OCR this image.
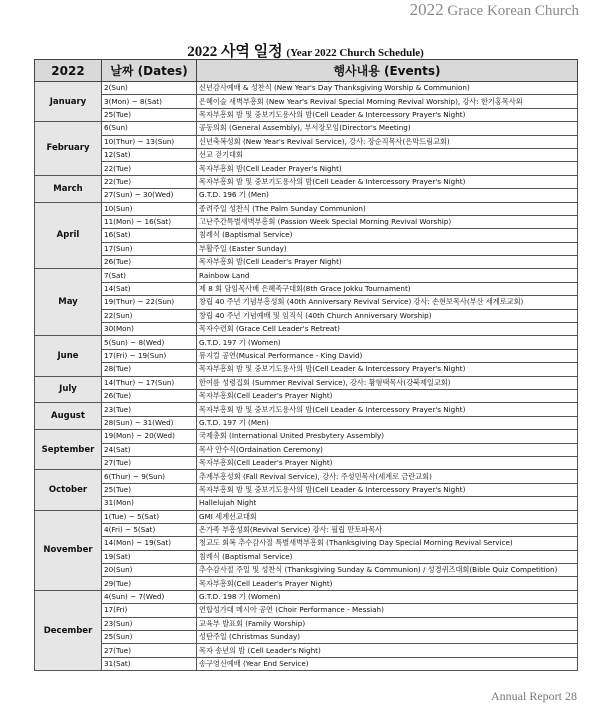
2022 Grace Korean Church
2022 사역 일정 (Year 2022 Church Schedule)
2022	날짜 (Dates)	행사내용 (Events)
January	2(Sun)	신년감사예배 & 성찬식 (New Year's Day Thanksgiving Worship & Communion)
	3(Mon) ~ 8(Sat)	은혜이슬 새벽부흥회 (New Year's Revival Special Morning Revival Worship), 강사: 한기홍목사외
	25(Tue)	목자부흥회 밤 및 중보기도용사의 밤(Cell Leader & Intercessory Prayer's Night)
February	6(Sun)	공동의회 (General Assembly), 부서장모임(Director's Meeting)
	10(Thur) ~ 13(Sun)	신년축복성회 (New Year's Revival Service), 강사: 장순직목사(은막드림교회)
	12(Sat)	선교 걷기대회
	22(Tue)	목자부흥회 밤(Cell Leader Prayer's Night)
March	22(Tue)	목자부흥회 밤 및 중보기도용사의 밤(Cell Leader & Intercessory Prayer's Night)
	27(Sun) ~ 30(Wed)	G.T.D. 196 기 (Men)
April	10(Sun)	종려주일 성찬식 (The Palm Sunday Communion)
	11(Mon) ~ 16(Sat)	고난주간특별새벽부흥회 (Passion Week Special Morning Revival Worship)
	16(Sat)	침례식 (Baptismal Service)
	17(Sun)	부활주일 (Easter Sunday)
	26(Tue)	목자부흥회 밤(Cell Leader's Prayer Night)
May	7(Sat)	Rainbow Land
	14(Sat)	제 8 회 담임목사배 은혜족구대회(8th Grace Jokku Tournament)
	19(Thur) ~ 22(Sun)	창립 40 주년 기념부흥성회 (40th Anniversary Revival Service) 강사: 손현보목사(부산 세계로교회)
	22(Sun)	창립 40 주년 기념예배 및 임직식 (40th Church Anniversary Worship)
	30(Mon)	목자수련회 (Grace Cell Leader's Retreat)
June	5(Sun) ~ 8(Wed)	G.T.D. 197 기 (Women)
	17(Fri) ~ 19(Sun)	뮤지컬 공연(Musical Performance - King David)
	28(Tue)	목자부흥회 밤 및 중보기도용사의 밤(Cell Leader & Intercessory Prayer's Night)
July	14(Thur) ~ 17(Sun)	한여름 성령집회 (Summer Revival Service), 강사: 황형택목사(강북제일교회)
	26(Tue)	목자부흥회(Cell Leader's Prayer Night)
August	23(Tue)	목자부흥회 밤 및 중보기도용사의 밤(Cell Leader & Intercessory Prayer's Night)
	28(Sun) ~ 31(Wed)	G.T.D. 197 기 (Men)
September	19(Mon) ~ 20(Wed)	국제총회 (International United Presbytery Assembly)
	24(Sat)	목사 안수식(Ordaination Ceremony)
	27(Tue)	목자부흥회(Cell Leader's Prayer Night)
October	6(Thur) ~ 9(Sun)	추계부흥성회 (Fall Revival Service), 강사: 주성민목사(세계로 금란교회)
	25(Tue)	목자부흥회 밤 및 중보기도용사의 밤(Cell Leader & Intercessory Prayer's Night)
	31(Mon)	Hallelujah Night
November	1(Tue) ~ 5(Sat)	GMI 세계선교대회
	4(Fri) ~ 5(Sat)	온가족 부흥성회(Revival Service) 강사: 필립 만토파목사
	14(Mon) ~ 19(Sat)	청교도 회복 추수감사절 특별새벽부흥회 (Thanksgiving Day Special Morning Revival Service)
	19(Sat)	침례식 (Baptismal Service)
	20(Sun)	추수감사절 주일 및 성찬식 (Thanksgiving Sunday & Communion) / 성경퀴즈대회(Bible Quiz Competition)
	29(Tue)	목자부흥회(Cell Leader's Prayer Night)
December	4(Sun) ~ 7(Wed)	G.T.D. 198 기 (Women)
	17(Fri)	연합성가대 메시아 공연 (Choir Performance - Messiah)
	23(Sun)	교육부 발표회 (Family Worship)
	25(Sun)	성탄주일 (Christmas Sunday)
	27(Tue)	목자 송년의 밤 (Cell Leader's Night)
	31(Sat)	송구영신예배 (Year End Service)
Annual Report 28
